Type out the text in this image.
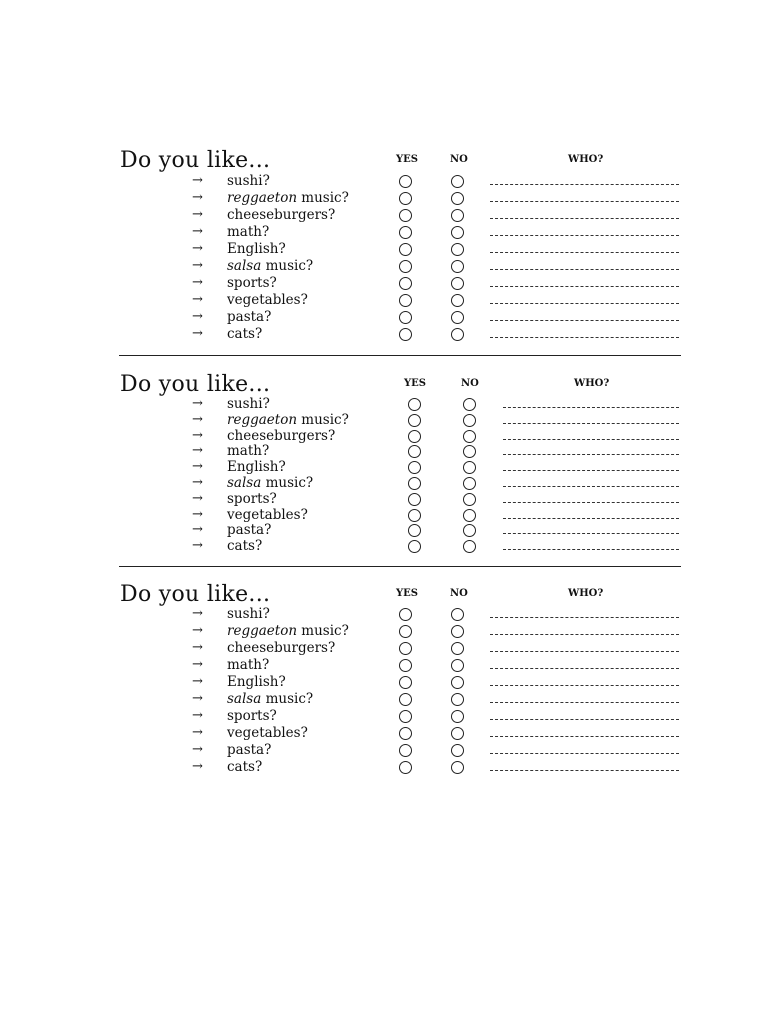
Do you like...	YES	NO	WHO?
→ sushi?
→ reggaeton music?
→ cheeseburgers?
→ math?
→ English?
→ salsa music?
→ sports?
→ vegetables?
→ pasta?
→ cats?
Do you like...	YES	NO	WHO?
→ sushi?
→ reggaeton music?
→ cheeseburgers?
→ math?
→ English?
→ salsa music?
→ sports?
→ vegetables?
→ pasta?
→ cats?
Do you like...	YES	NO	WHO?
→ sushi?
→ reggaeton music?
→ cheeseburgers?
→ math?
→ English?
→ salsa music?
→ sports?
→ vegetables?
→ pasta?
→ cats?
